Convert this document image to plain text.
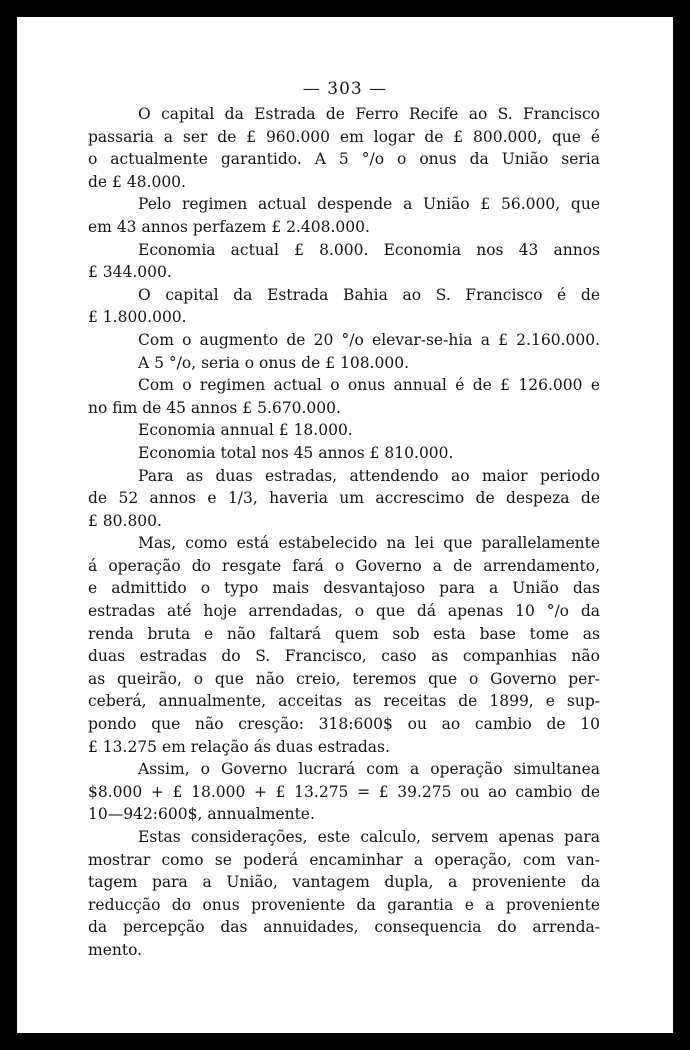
— 303 —
O capital da Estrada de Ferro Recife ao S. Francisco
passaria a ser de £ 960.000 em logar de £ 800.000, que é
o actualmente garantido. A 5 °/o o onus da União seria
de £ 48.000.
Pelo regimen actual despende a União £ 56.000, que
em 43 annos perfazem £ 2.408.000.
Economia actual £ 8.000. Economia nos 43 annos
£ 344.000.
O capital da Estrada Bahia ao S. Francisco é de
£ 1.800.000.
Com o augmento de 20 °/o elevar-se-hia a £ 2.160.000.
A 5 °/o, seria o onus de £ 108.000.
Com o regimen actual o onus annual é de £ 126.000 e
no fim de 45 annos £ 5.670.000.
Economia annual £ 18.000.
Economia total nos 45 annos £ 810.000.
Para as duas estradas, attendendo ao maior periodo
de 52 annos e 1/3, haveria um accrescimo de despeza de
£ 80.800.
Mas, como está estabelecido na lei que parallelamente
á operação do resgate fará o Governo a de arrendamento,
e admittido o typo mais desvantajoso para a União das
estradas até hoje arrendadas, o que dá apenas 10 °/o da
renda bruta e não faltará quem sob esta base tome as
duas estradas do S. Francisco, caso as companhias não
as queirão, o que não creio, teremos que o Governo per-
ceberá, annualmente, acceitas as receitas de 1899, e sup-
pondo que não cresção: 318:600$ ou ao cambio de 10
£ 13.275 em relação ás duas estradas.
Assim, o Governo lucrará com a operação simultanea
$8.000 + £ 18.000 + £ 13.275 = £ 39.275 ou ao cambio de
10—942:600$, annualmente.
Estas considerações, este calculo, servem apenas para
mostrar como se poderá encaminhar a operação, com van-
tagem para a União, vantagem dupla, a proveniente da
reducção do onus proveniente da garantia e a proveniente
da percepção das annuidades, consequencia do arrenda-
mento.
